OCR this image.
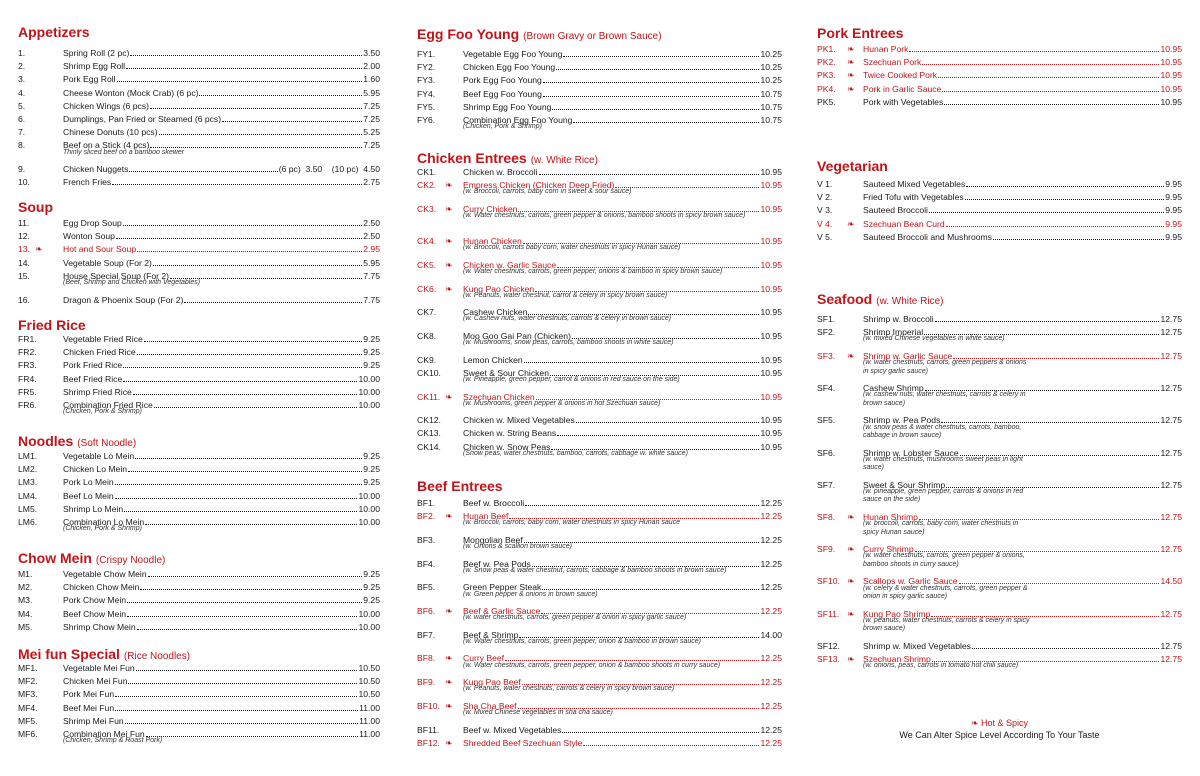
Appetizers
1.	Spring Roll (2 pc)	3.50
2.	Shrimp Egg Roll	2.00
3.	Pork Egg Roll	1.60
4.	Cheese Wonton (Mock Crab) (6 pc)	5.95
5.	Chicken Wings (6 pcs)	7.25
6.	Dumplings, Pan Fried or Steamed (6 pcs)	7.25
7.	Chinese Donuts (10 pcs)	5.25
8.	Beef on a Stick (4 pcs)	7.25
Thinly sliced beef on a bamboo skewer
9.	Chicken Nuggets	(6 pc)  3.50    (10 pc)  4.50
10.	French Fries	2.75
Soup
11.	Egg Drop Soup	2.50
12.	Wonton Soup	2.50
13. ❧ Hot and Sour Soup	2.95
14.	Vegetable Soup (For 2)	5.95
15.	House Special Soup (For 2)	7.75
(Beef, Shrimp and Chicken with Vegetables)
16.	Dragon & Phoenix Soup (For 2)	7.75
Fried Rice
FR1.	Vegetable Fried Rice	9.25
FR2.	Chicken Fried Rice	9.25
FR3.	Pork Fried Rice	9.25
FR4.	Beef Fried Rice	10.00
FR5.	Shrimp Fried Rice	10.00
FR6.	Combination Fried Rice	10.00
(Chicken, Pork & Shrimp)
Noodles (Soft Noodle)
LM1.	Vegetable Lo Mein	9.25
LM2.	Chicken Lo Mein	9.25
LM3.	Pork Lo Mein	9.25
LM4.	Beef Lo Mein	10.00
LM5.	Shrimp Lo Mein	10.00
LM6.	Combination Lo Mein	10.00
(Chicken, Pork & Shrimp)
Chow Mein (Crispy Noodle)
M1.	Vegetable Chow Mein	9.25
M2.	Chicken Chow Mein	9.25
M3.	Pork Chow Mein	9.25
M4.	Beef Chow Mein	10.00
M5.	Shrimp Chow Mein	10.00
Mei fun Special (Rice Noodles)
MF1.	Vegetable Mei Fun	10.50
MF2.	Chicken Mei Fun	10.50
MF3.	Pork Mei Fun	10.50
MF4.	Beef Mei Fun	11.00
MF5.	Shrimp Mei Fun	11.00
MF6.	Combination Mei Fun	11.00
(Chicken, Shrimp & Roast Pork)
Egg Foo Young (Brown Gravy or Brown Sauce)
FY1.	Vegetable Egg Foo Young	10.25
FY2.	Chicken Egg Foo Young	10.25
FY3.	Pork Egg Foo Young	10.25
FY4.	Beef Egg Foo Young	10.75
FY5.	Shrimp Egg Foo Young	10.75
FY6.	Combination Egg Foo Young	10.75
(Chicken, Pork & Shrimp)
Chicken Entrees (w. White Rice)
CK1.	Chicken w. Broccoli	10.95
CK2. ❧ Empress Chicken (Chicken Deep Fried)	10.95
(w. Broccoli, carrots, baby corn in sweet & sour sauce)
CK3. ❧ Curry Chicken	10.95
(w. Water chestnuts, carrots, green pepper & onions, bamboo shoots in spicy brown sauce)
CK4. ❧ Hunan Chicken	10.95
(w. Broccoli, carrots baby corn, water chestnuts in spicy Hunan sauce)
CK5. ❧ Chicken w. Garlic Sauce	10.95
(w. Water chestnuts, carrots, green pepper, onions & bamboo in spicy brown sauce)
CK6. ❧ Kung Pao Chicken	10.95
(w. Peanuts, water chestnut, carrot & celery in spicy brown sauce)
CK7.	Cashew Chicken	10.95
(w. Cashew nuts, water chestnuts, carrots & celery in brown sauce)
CK8.	Moo Goo Gai Pan (Chicken)	10.95
(w. Mushrooms, snow peas, carrots, bamboo shoots in white sauce)
CK9.	Lemon Chicken	10.95
CK10.	Sweet & Sour Chicken	10.95
(w. Pineapple, green pepper, carrot & onions in red sauce on the side)
CK11. ❧ Szechuan Chicken	10.95
(w. Mushrooms, green pepper & onions in hot Szechuan sauce)
CK12.	Chicken w. Mixed Vegetables	10.95
CK13.	Chicken w. String Beans	10.95
CK14.	Chicken w. Snow Peas	10.95
(Snow peas, water chestnuts, bamboo, carrots, cabbage w. white sauce)
Beef Entrees
BF1.	Beef w. Broccoli	12.25
BF2. ❧ Hunan Beef	12.25
(w. Broccoli, carrots, baby corn, water chestnuts in spicy Hunan sauce
BF3.	Mongolian Beef	12.25
(w. Onions & scallion brown sauce)
BF4.	Beef w. Pea Pods	12.25
(w. Snow peas & water chestnut, carrots, cabbage & bamboo shoots in brown sauce)
BF5.	Green Pepper Steak	12.25
(w. Green pepper & onions in brown sauce)
BF6. ❧ Beef & Garlic Sauce	12.25
(w. water chestnuts, carrots, green pepper & onion in spicy garlic sauce)
BF7.	Beef & Shrimp	14.00
(w. Water chestnuts, carrots, green pepper, onion & bamboo in brown sauce)
BF8. ❧ Curry Beef	12.25
(w. Water chestnuts, carrots, green pepper, onion & bamboo shoots in curry sauce)
BF9. ❧ Kung Pao Beef	12.25
(w. Peanuts, water chestnuts, carrots & celery in spicy brown sauce)
BF10. ❧ Sha Cha Beef	12.25
(w. Mixed Chinese vegetables in sha cha sauce)
BF11.	Beef w. Mixed Vegetables	12.25
BF12. ❧ Shredded Beef Szechuan Style	12.25
Pork Entrees
PK1. ❧ Hunan Pork	10.95
PK2. ❧ Szechuan Pork	10.95
PK3. ❧ Twice Cooked Pork	10.95
PK4. ❧ Pork in Garlic Sauce	10.95
PK5.	Pork with Vegetables	10.95
Vegetarian
V 1.	Sauteed Mixed Vegetables	9.95
V 2.	Fried Tofu with Vegetables	9.95
V 3.	Sauteed Broccoli	9.95
V 4. ❧ Szechuan Bean Curd	9.95
V 5.	Sauteed Broccoli and Mushrooms	9.95
Seafood (w. White Rice)
SF1.	Shrimp w. Broccoli	12.75
SF2.	Shrimp Imperial	12.75
(w. mixed Chinese vegetables in white sauce)
SF3. ❧ Shrimp w. Garlic Sauce	12.75
(w. water chestnuts, carrots, green peppers & onions in spicy garlic sauce)
SF4.	Cashew Shrimp	12.75
(w. cashew nuts, water chestnuts, carrots & celery in brown sauce)
SF5.	Shrimp w. Pea Pods	12.75
(w. snow peas & water chestnuts, carrots, bamboo, cabbage in brown sauce)
SF6.	Shrimp w. Lobster Sauce	12.75
(w. water chestnuts, mushrooms sweet peas in light sauce)
SF7.	Sweet & Sour Shrimp	12.75
(w. pineapple, green pepper, carrots & onions in red sauce on the side)
SF8. ❧ Hunan Shrimp	12.75
(w. broccoli, carrots, baby corn, water chestnuts in spicy Hunan sauce)
SF9. ❧ Curry Shrimp	12.75
(w. water chestnuts, carrots, green pepper & onions, bamboo shoots in curry sauce)
SF10. ❧ Scallops w. Garlic Sauce	14.50
(w. celery & water chestnuts, carrots, green pepper & onion in spicy garlic sauce)
SF11. ❧ Kung Pao Shrimp	12.75
(w. peanuts, water chestnuts, carrots & celery in spicy brown sauce)
SF12.	Shrimp w. Mixed Vegetables	12.75
SF13. ❧ Szechuan Shrimp	12.75
(w. onions, peas, carrots in tomato hot chili sauce)
❧ Hot & Spicy
We Can Alter Spice Level According To Your Taste
